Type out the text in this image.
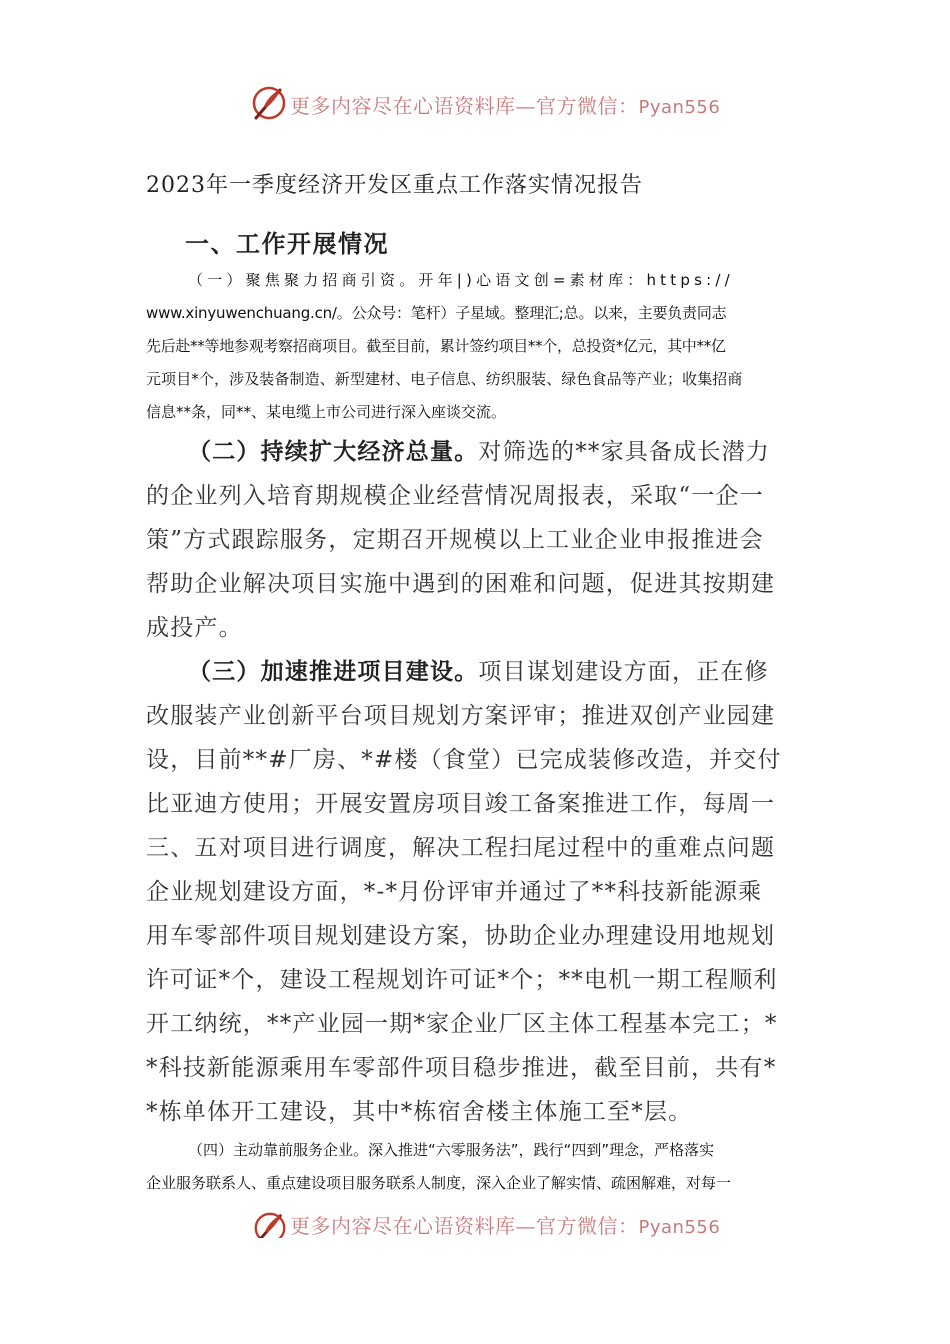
更多内容尽在心语资料库—官方微信：Pyan556
2023年一季度经济开发区重点工作落实情况报告
一、工作开展情况
（一）聚焦聚力招商引资。开年|)心语文创=素材库：https://
www.xinyuwenchuang.cn/。公众号：笔杆）子星域。整理汇;总。以来，主要负责同志
先后赴**等地参观考察招商项目。截至目前，累计签约项目**个，总投资*亿元，其中**亿
元项目*个，涉及装备制造、新型建材、电子信息、纺织服装、绿色食品等产业；收集招商
信息**条，同**、某电缆上市公司进行深入座谈交流。
（二）持续扩大经济总量。对筛选的**家具备成长潜力
的企业列入培育期规模企业经营情况周报表，采取“一企一
策”方式跟踪服务，定期召开规模以上工业企业申报推进会
帮助企业解决项目实施中遇到的困难和问题，促进其按期建
成投产。
（三）加速推进项目建设。项目谋划建设方面，正在修
改服装产业创新平台项目规划方案评审；推进双创产业园建
设，目前**#厂房、*#楼（食堂）已完成装修改造，并交付
比亚迪方使用；开展安置房项目竣工备案推进工作，每周一
三、五对项目进行调度，解决工程扫尾过程中的重难点问题
企业规划建设方面，*-*月份评审并通过了**科技新能源乘
用车零部件项目规划建设方案，协助企业办理建设用地规划
许可证*个，建设工程规划许可证*个；**电机一期工程顺利
开工纳统，**产业园一期*家企业厂区主体工程基本完工；*
*科技新能源乘用车零部件项目稳步推进，截至目前，共有*
*栋单体开工建设，其中*栋宿舍楼主体施工至*层。
（四）主动靠前服务企业。深入推进“六零服务法”，践行“四到”理念，严格落实
企业服务联系人、重点建设项目服务联系人制度，深入企业了解实情、疏困解难，对每一
更多内容尽在心语资料库—官方微信：Pyan556
